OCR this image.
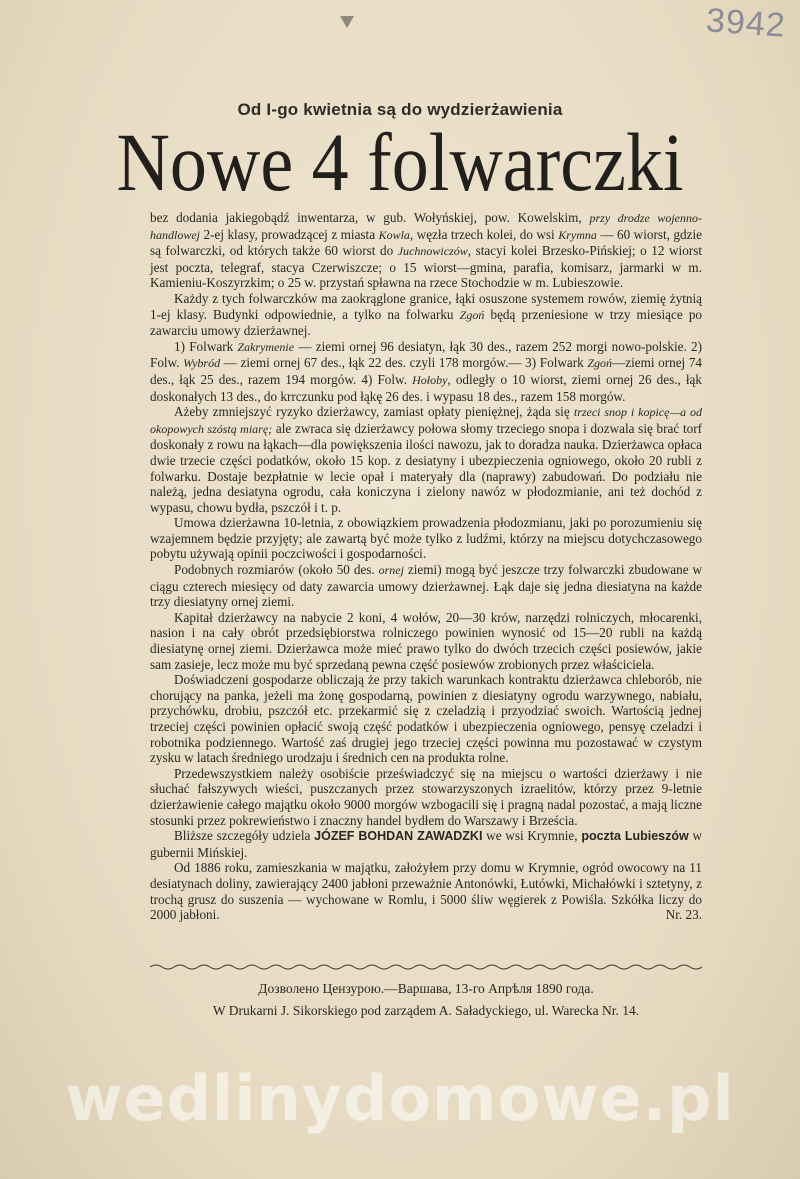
3942
Od I-go kwietnia są do wydzierżawienia
Nowe 4 folwarczki

bez dodania jakiegobądź inwentarza, w gub. Wołyńskiej, pow. Kowelskim, przy drodze wojenno-handlowej 2-ej klasy, prowadzącej z miasta Kowla, węzła trzech kolei, do wsi Krymna — 60 wiorst, gdzie są folwarczki, od których także 60 wiorst do Juchnowiczów, stacyi kolei Brzesko-Pińskiej; o 12 wiorst jest poczta, telegraf, stacya Czerwiszcze; o 15 wiorst—gmina, parafia, komisarz, jarmarki w m. Kamieniu-Koszyrzkim; o 25 w. przystań spławna na rzece Stochodzie w m. Lubieszowie.

Każdy z tych folwarczków ma zaokrąglone granice, łąki osuszone systemem rowów, ziemię żytnią 1-ej klasy. Budynki odpowiednie, a tylko na folwarku Zgoń będą przeniesione w trzy miesiące po zawarciu umowy dzierżawnej.

1) Folwark Zakrymenie — ziemi ornej 96 desiatyn, łąk 30 des., razem 252 morgi nowo-polskie. 2) Folw. Wybród — ziemi ornej 67 des., łąk 22 des. czyli 178 morgów.— 3) Folwark Zgoń—ziemi ornej 74 des., łąk 25 des., razem 194 morgów. 4) Folw. Hołoby, odległy o 10 wiorst, ziemi ornej 26 des., łąk doskonałych 13 des., do krrczunku pod łąkę 26 des. i wypasu 18 des., razem 158 morgów.

Ażeby zmniejszyć ryzyko dzierżawcy, zamiast opłaty pieniężnej, żąda się trzeci snop i kopicę—a od okopowych szóstą miarę; ale zwraca się dzierżawcy połowa słomy trzeciego snopa i dozwala się brać torf doskonały z rowu na łąkach—dla powiększenia ilości nawozu, jak to doradza nauka. Dzierżawca opłaca dwie trzecie części podatków, około 15 kop. z desiatyny i ubezpieczenia ogniowego, około 20 rubli z folwarku. Dostaje bezpłatnie w lecie opał i materyały dla (naprawy) zabudowań. Do podziału nie należą, jedna desiatyna ogrodu, cała koniczyna i zielony nawóz w płodozmianie, ani też dochód z wypasu, chowu bydła, pszczół i t. p.

Umowa dzierżawna 10-letnia, z obowiązkiem prowadzenia płodozmianu, jaki po porozumieniu się wzajemnem będzie przyjęty; ale zawartą być może tylko z ludźmi, którzy na miejscu dotychczasowego pobytu używają opinii poczciwości i gospodarności.

Podobnych rozmiarów (około 50 des. ornej ziemi) mogą być jeszcze trzy folwarczki zbudowane w ciągu czterech miesięcy od daty zawarcia umowy dzierżawnej. Łąk daje się jedna diesiatyna na każde trzy diesiatyny ornej ziemi.

Kapitał dzierżawcy na nabycie 2 koni, 4 wołów, 20—30 krów, narzędzi rolniczych, młocarenki, nasion i na cały obrót przedsiębiorstwa rolniczego powinien wynosić od 15—20 rubli na każdą diesiatynę ornej ziemi. Dzierżawca może mieć prawo tylko do dwóch trzecich części posiewów, jakie sam zasieje, lecz może mu być sprzedaną pewna część posiewów zrobionych przez właściciela.

Doświadczeni gospodarze obliczają że przy takich warunkach kontraktu dzierżawca chleborób, nie chorujący na panka, jeżeli ma żonę gospodarną, powinien z diesiatyny ogrodu warzywnego, nabiału, przychówku, drobiu, pszczół etc. przekarmić się z czeladzią i przyodziać swoich. Wartością jednej trzeciej części powinien opłacić swoją część podatków i ubezpieczenia ogniowego, pensyę czeladzi i robotnika podziennego. Wartość zaś drugiej jego trzeciej części powinna mu pozostawać w czystym zysku w latach średniego urodzaju i średnich cen na produkta rolne.

Przedewszystkiem należy osobiście przeświadczyć się na miejscu o wartości dzierżawy i nie słuchać fałszywych wieści, puszczanych przez stowarzyszonych izraelitów, którzy przez 9-letnie dzierżawienie całego majątku około 9000 morgów wzbogacili się i pragną nadal pozostać, a mają liczne stosunki przez pokrewieństwo i znaczny handel bydłem do Warszawy i Brześcia.

Bliższe szczegóły udziela JÓZEF BOHDAN ZAWADZKI we wsi Krymnie, poczta Lubieszów w gubernii Mińskiej.

Od 1886 roku, zamieszkania w majątku, założyłem przy domu w Krymnie, ogród owocowy na 11 desiatynach doliny, zawierający 2400 jabłoni przeważnie Antonówki, Łutówki, Michałówki i sztetyny, z trochą grusz do suszenia — wychowane w Romlu, i 5000 śliw węgierek z Powiśla. Szkółka liczy do 2000 jabłoni.	Nr. 23.

Дозволено Цензурою.—Варшава, 13-го Апрѣля 1890 года.
W Drukarni J. Sikorskiego pod zarządem A. Saładyckiego, ul. Warecka Nr. 14.
wedlinydomowe.pl
